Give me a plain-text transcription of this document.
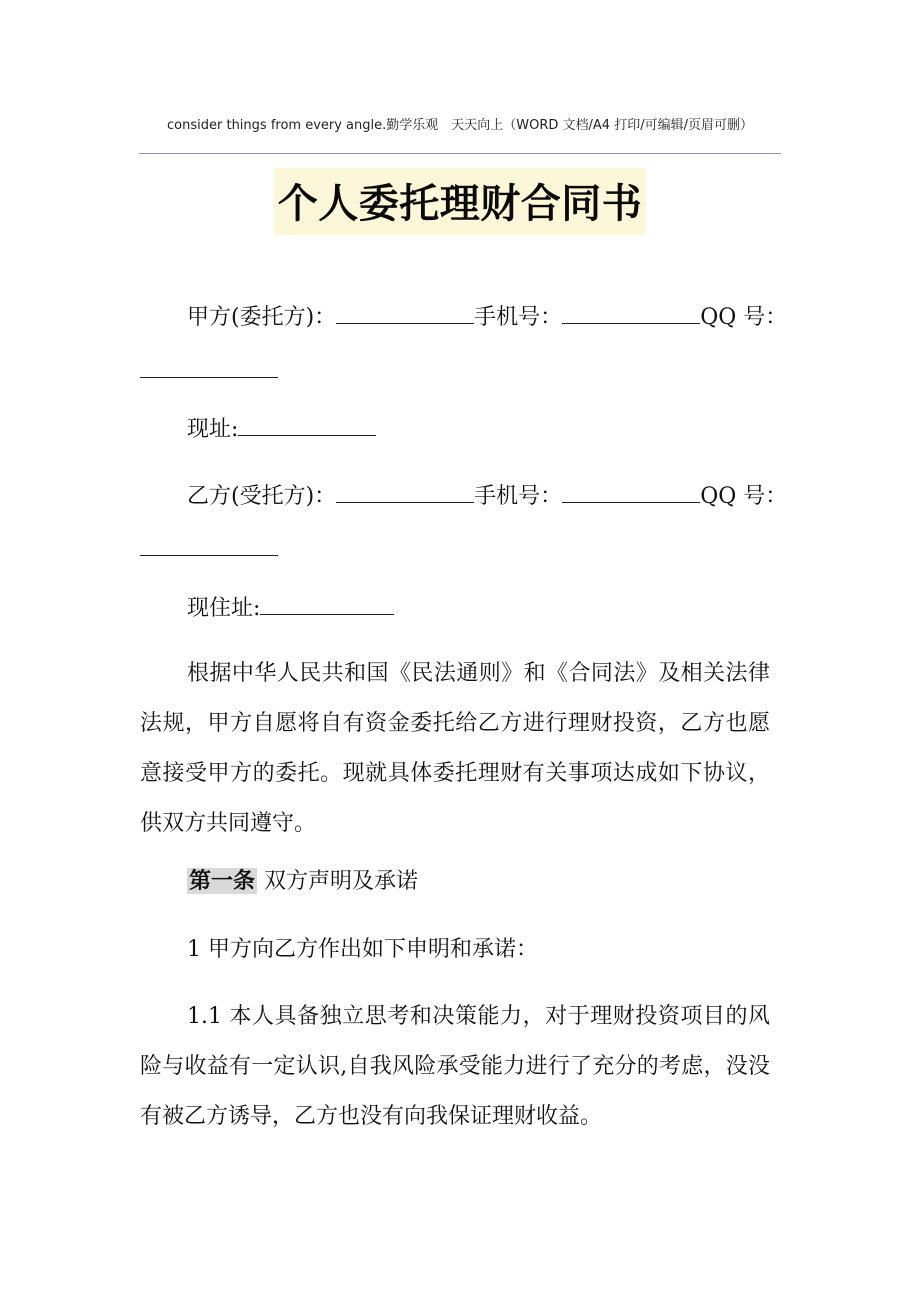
consider things from every angle.勤学乐观　天天向上（WORD 文档/A4 打印/可编辑/页眉可删）
个人委托理财合同书
甲方(委托方)：	手机号：	QQ 号：
现址:
乙方(受托方)：	手机号：	QQ 号：
现住址:

根据中华人民共和国《民法通则》和《合同法》及相关法律法规，甲方自愿将自有资金委托给乙方进行理财投资，乙方也愿意接受甲方的委托。现就具体委托理财有关事项达成如下协议，供双方共同遵守。

第一条 双方声明及承诺
1 甲方向乙方作出如下申明和承诺：

1.1 本人具备独立思考和决策能力，对于理财投资项目的风险与收益有一定认识,自我风险承受能力进行了充分的考虑，没没有被乙方诱导，乙方也没有向我保证理财收益。
